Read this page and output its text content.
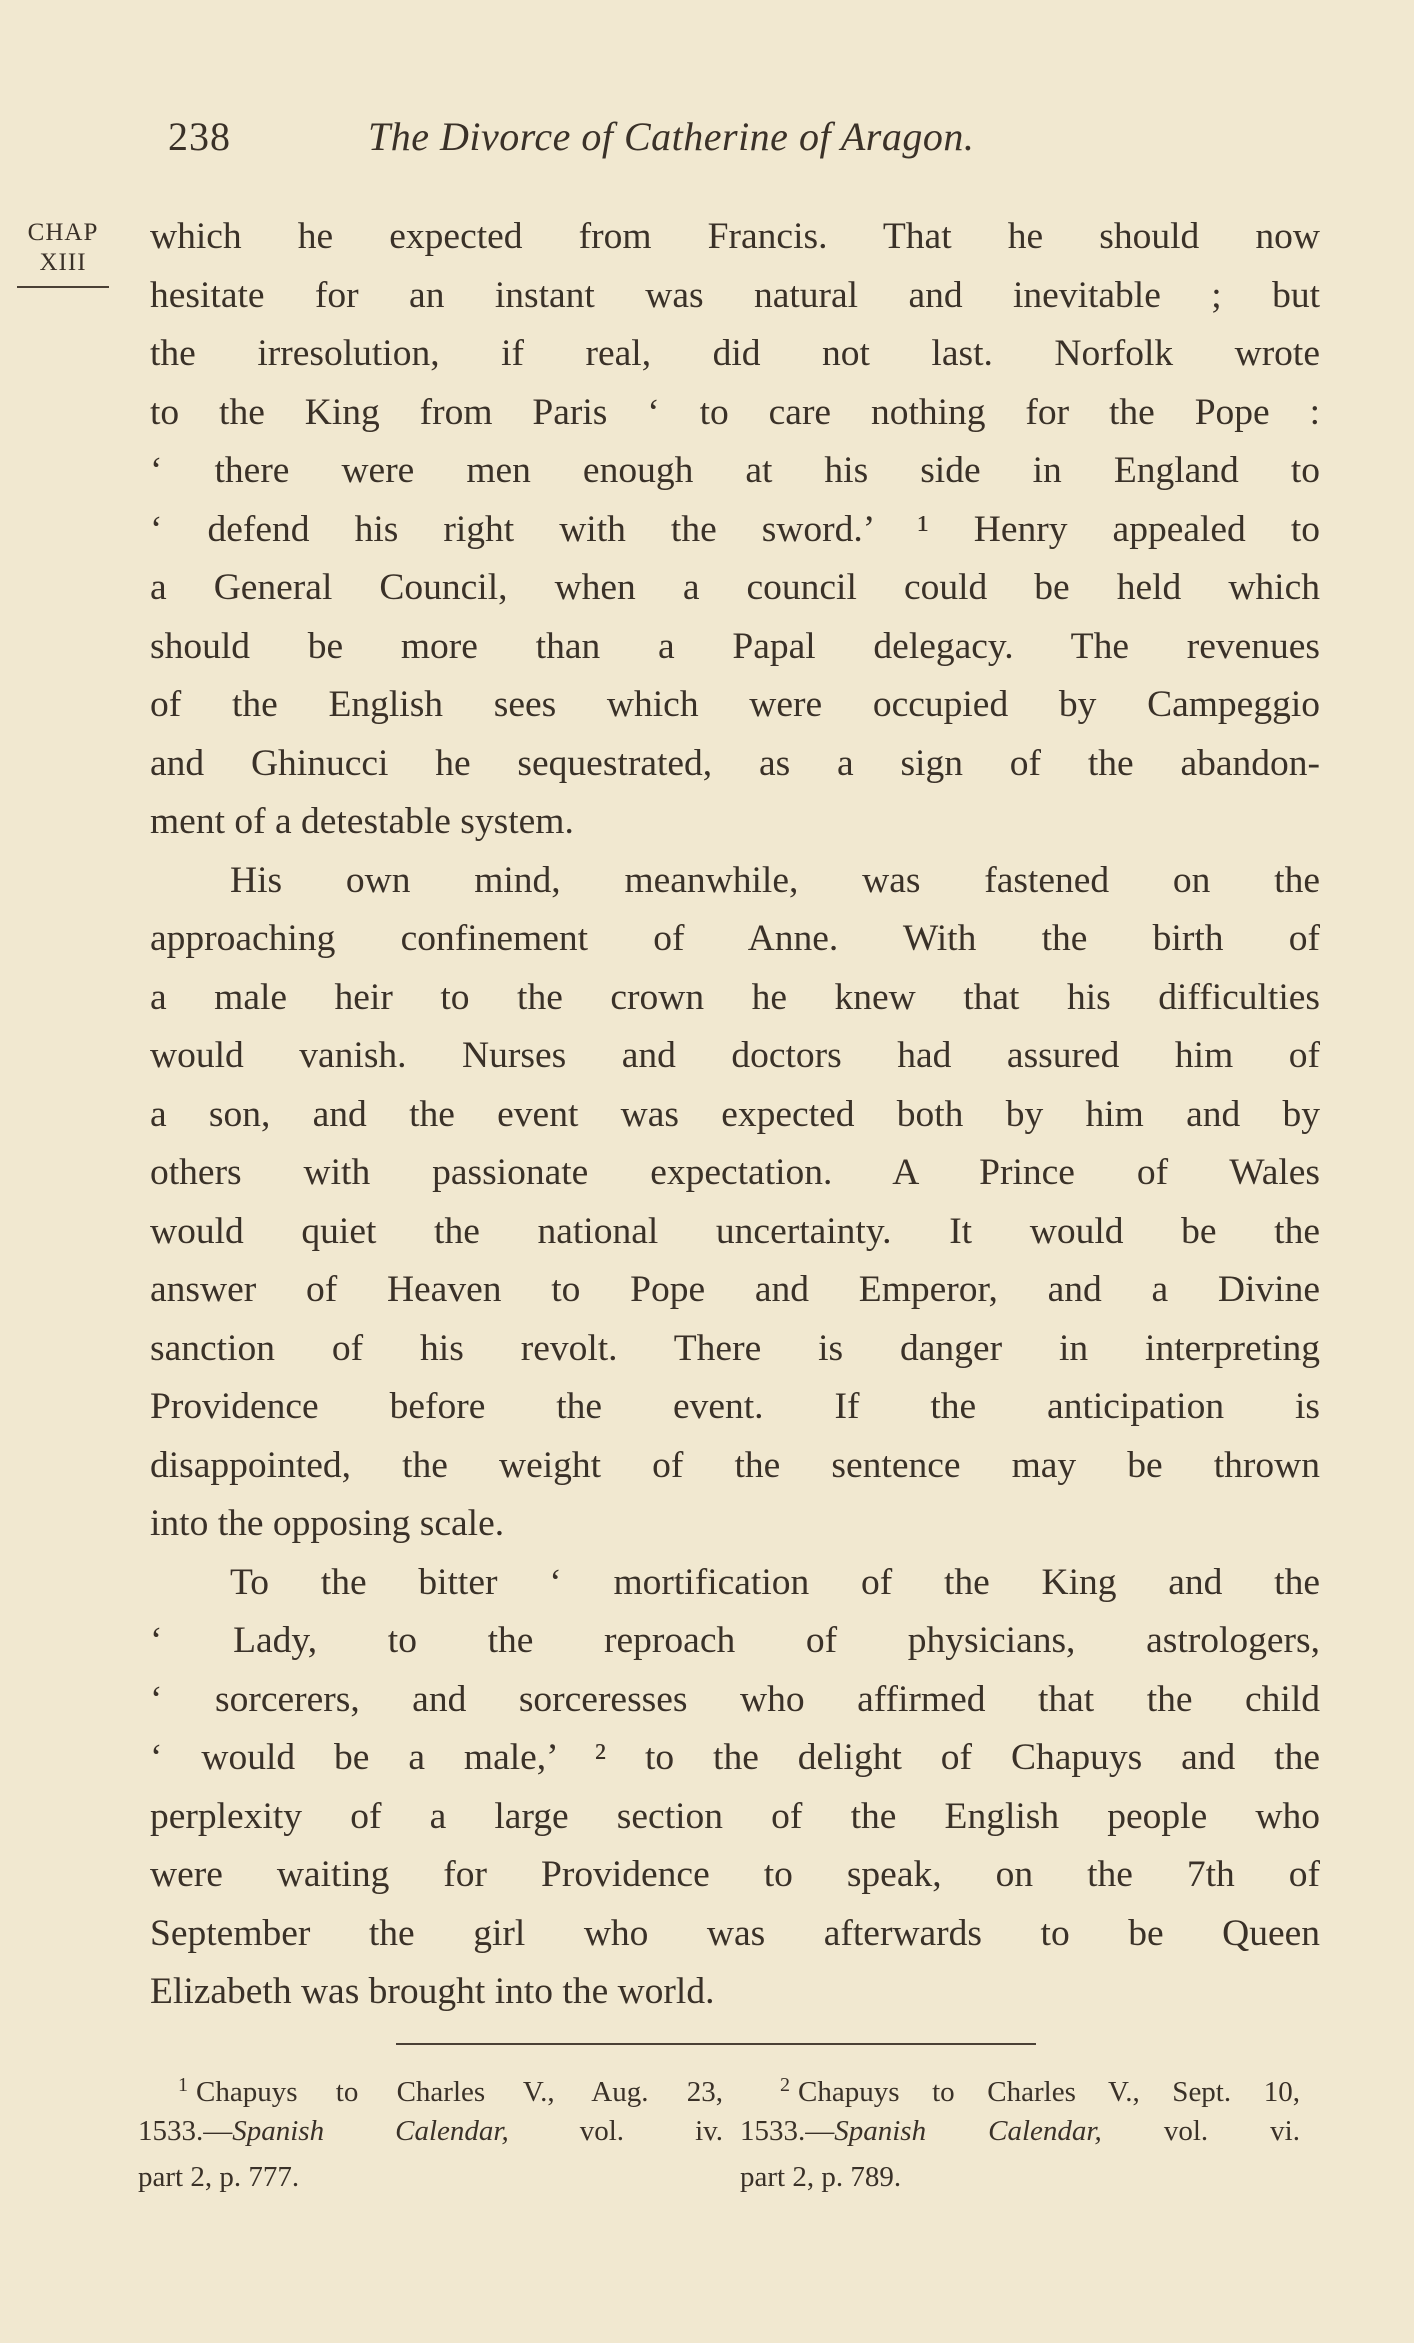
238	The Divorce of Catherine of Aragon.
CHAP
XIII
which he expected from Francis. That he should now
hesitate for an instant was natural and inevitable ; but
the irresolution, if real, did not last. Norfolk wrote
to the King from Paris ‘ to care nothing for the Pope :
‘ there were men enough at his side in England to
‘ defend his right with the sword.’ ¹ Henry appealed to
a General Council, when a council could be held which
should be more than a Papal delegacy. The revenues
of the English sees which were occupied by Campeggio
and Ghinucci he sequestrated, as a sign of the abandon-
ment of a detestable system.
His own mind, meanwhile, was fastened on the
approaching confinement of Anne. With the birth of
a male heir to the crown he knew that his difficulties
would vanish. Nurses and doctors had assured him of
a son, and the event was expected both by him and by
others with passionate expectation. A Prince of Wales
would quiet the national uncertainty. It would be the
answer of Heaven to Pope and Emperor, and a Divine
sanction of his revolt. There is danger in interpreting
Providence before the event. If the anticipation is
disappointed, the weight of the sentence may be thrown
into the opposing scale.
To the bitter ‘ mortification of the King and the
‘ Lady, to the reproach of physicians, astrologers,
‘ sorcerers, and sorceresses who affirmed that the child
‘ would be a male,’ ² to the delight of Chapuys and the
perplexity of a large section of the English people who
were waiting for Providence to speak, on the 7th of
September the girl who was afterwards to be Queen
Elizabeth was brought into the world.
$^1$ Chapuys to Charles V., Aug. 23,
1533.—Spanish Calendar, vol. iv.
part 2, p. 777.
$^2$ Chapuys to Charles V., Sept. 10,
1533.—Spanish Calendar, vol. vi.
part 2, p. 789.
